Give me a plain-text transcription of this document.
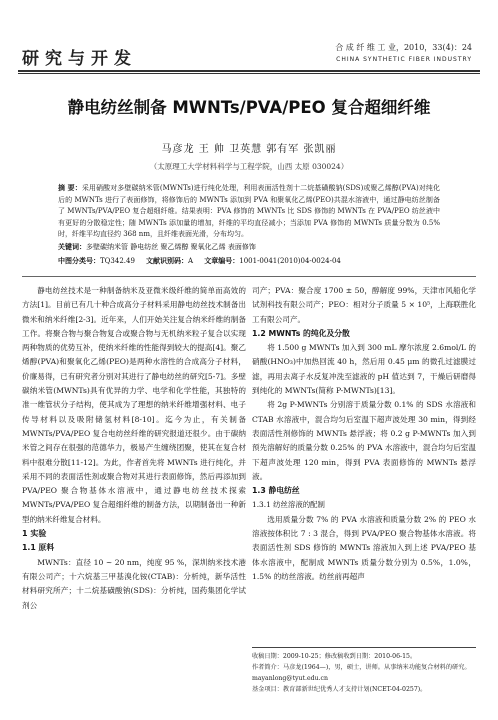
研究与开发
合 成 纤 维 工 业，2010，33(4)：24
CHINA SYNTHETIC FIBER INDUSTRY
静电纺丝制备 MWNTs/PVA/PEO 复合超细纤维
马彦龙 王 帅 卫英慧 郭有军 张凯丽
（太原理工大学材料科学与工程学院，山西 太原 030024）
摘 要：采用硝酸对多壁碳纳米管(MWNTs)进行纯化处理，利用表面活性剂十二烷基磺酸钠(SDS)或聚乙烯醇(PVA)对纯化后的 MWNTs 进行了表面修饰，将修饰后的 MWNTs 添加到 PVA 和聚氧化乙烯(PEO)共混水溶液中，通过静电纺丝制备了 MWNTs/PVA/PEO 复合超细纤维。结果表明：PVA 修饰的 MWNTs 比 SDS 修饰的 MWNTs 在 PVA/PEO 纺丝液中有更好的分散稳定性；随 MWNTs 添加量的增加，纤维的平均直径减小；当添加 PVA 修饰的 MWNTs 质量分数为 0.5%时，纤维平均直径约 368 nm，且纤维表面光滑，分布均匀。
关键词：多壁碳纳米管 静电纺丝 聚乙烯醇 聚氧化乙烯 表面修饰
中图分类号：TQ342.49 文献识别码：A 文章编号：1001-0041(2010)04-0024-04

静电纺丝技术是一种制备纳米及亚微米级纤维的简单而高效的方法[1]。目前已有几十种合成高分子材料采用静电纺丝技术制备出微米和纳米纤维[2-3]。近年来，人们开始关注复合纳米纤维的制备工作。将聚合物与聚合物复合或聚合物与无机纳米粒子复合以实现两种物质的优势互补，使纳米纤维的性能得到较大的提高[4]。聚乙烯醇(PVA)和聚氧化乙烯(PEO)是两种水溶性的合成高分子材料，价廉易得，已有研究者分别对其进行了静电纺丝的研究[5-7]。多壁碳纳米管(MWNTs)具有优异的力学、电学和化学性能，其独特的准一维管状分子结构，使其成为了理想的纳米纤维增强材料、电子传导材料以及吸附储氢材料[8-10]。迄今为止，有关制备 MWNTs/PVA/PEO 复合电纺丝纤维的研究报道还很少。由于碳纳米管之间存在很强的范德华力，极易产生缠绕团聚，使其在复合材料中很难分散[11-12]。为此，作者首先将 MWNTs 进行纯化，并采用不同的表面活性剂或聚合物对其进行表面修饰，然后再添加到 PVA/PEO 聚合物基体水溶液中，通过静电纺丝技术探索 MWNTs/PVA/PEO 复合超细纤维的制备方法，以期制备出一种新型的纳米纤维复合材料。

1 实验

1.1 原料

MWNTs：直径 10 ~ 20 nm，纯度 95 %，深圳纳米技术港有限公司产；十六烷基三甲基溴化铵(CTAB)：分析纯，新华活性材料研究所产；十二烷基磺酸钠(SDS)：分析纯，国药集团化学试剂公

司产；PVA：聚合度 1700 ± 50，醇解度 99%，天津市风船化学试剂科技有限公司产；PEO：相对分子质量 5 × 10⁵，上海联胜化工有限公司产。

1.2 MWNTs 的纯化及分散

将 1.500 g MWNTs 加入到 300 mL 摩尔浓度 2.6mol/L 的硝酸(HNO₃)中加热回流 40 h，然后用 0.45 μm 的微孔过滤膜过滤，再用去离子水反复冲洗至滤液的 pH 值达到 7，干燥后研磨得到纯化的 MWNTs(简称 P-MWNTs)[13]。

将 2g P-MWNTs 分别溶于质量分数 0.1% 的 SDS 水溶液和 CTAB 水溶液中，混合均匀后室温下超声波处理 30 min，得到经表面活性剂修饰的 MWNTs 悬浮液；将 0.2 g P-MWNTs 加入到预先溶解好的质量分数 0.25% 的 PVA 水溶液中，混合均匀后室温下超声波处理 120 min，得到 PVA 表面修饰的 MWNTs 悬浮液。

1.3 静电纺丝

1.3.1 纺丝溶液的配制

选用质量分数 7% 的 PVA 水溶液和质量分数 2% 的 PEO 水溶液按体积比 7 : 3 混合，得到 PVA/PEO 聚合物基体水溶液。将表面活性剂 SDS 修饰的 MWNTs 溶液加入到上述 PVA/PEO 基体水溶液中，配制成 MWNTs 质量分数分别为 0.5%，1.0%，1.5% 的纺丝溶液。纺丝前再超声

收稿日期：2009-10-25；修改稿收到日期：2010-06-15。
作者简介：马彦龙(1964—)，男，硕士，讲师。从事纳米功能复合材料的研究。mayanlong@tyut.edu.cn
基金项目：教育部新世纪优秀人才支持计划(NCET-04-0257)。
